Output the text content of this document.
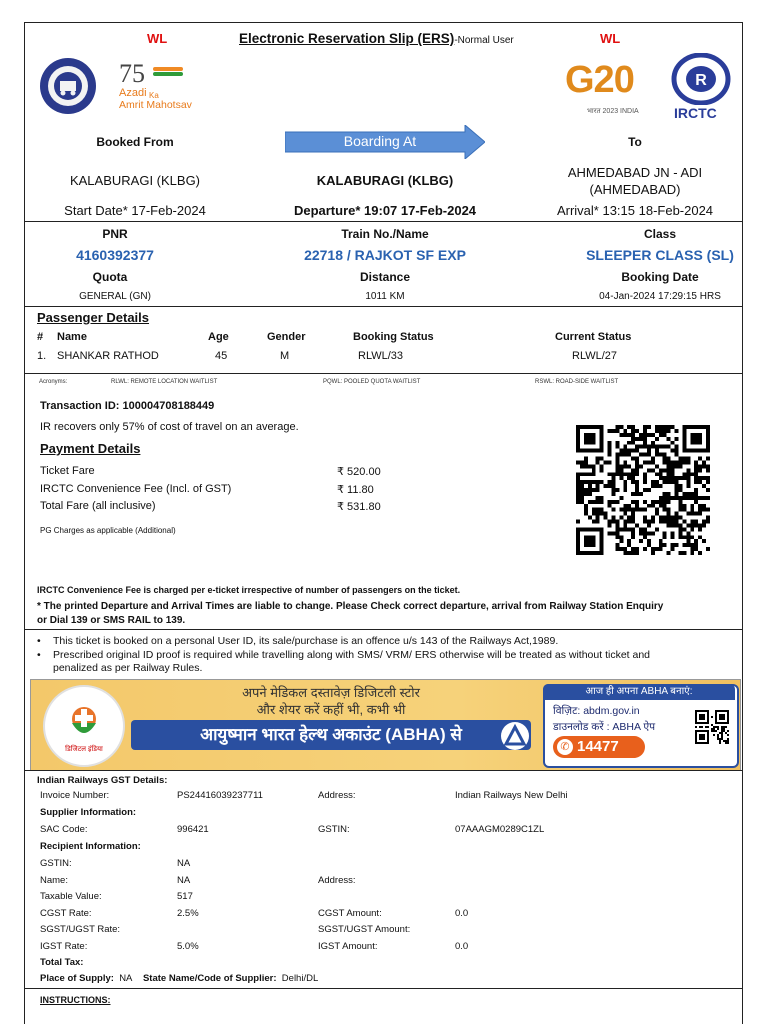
WL	Electronic Reservation Slip (ERS)-Normal User	WL
75
Azadi Ka
Amrit Mahotsav
G20
भारत 2023 INDIA
R
IRCTC
Booked From	Boarding At	To
KALABURAGI (KLBG)	KALABURAGI (KLBG)
AHMEDABAD JN - ADI
(AHMEDABAD)
Start Date* 17-Feb-2024	Departure* 19:07 17-Feb-2024	Arrival* 13:15 18-Feb-2024
PNR	Train No./Name	Class
4160392377	22718 / RAJKOT SF EXP	SLEEPER CLASS (SL)
Quota	Distance	Booking Date
GENERAL (GN)	1011 KM	04-Jan-2024 17:29:15 HRS
Passenger Details
# Name	Age	Gender	Booking Status	Current Status
1. SHANKAR RATHOD	45	M	RLWL/33	RLWL/27
Acronyms:	RLWL: REMOTE LOCATION WAITLIST	PQWL: POOLED QUOTA WAITLIST	RSWL: ROAD-SIDE WAITLIST
Transaction ID: 100004708188449
IR recovers only 57% of cost of travel on an average.
Payment Details
Ticket Fare	₹ 520.00
IRCTC Convenience Fee (Incl. of GST)	₹ 11.80
Total Fare (all inclusive)	₹ 531.80
PG Charges as applicable (Additional)
IRCTC Convenience Fee is charged per e-ticket irrespective of number of passengers on the ticket.
* The printed Departure and Arrival Times are liable to change. Please Check correct departure, arrival from Railway Station Enquiry
or Dial 139 or SMS RAIL to 139.
•	This ticket is booked on a personal User ID, its sale/purchase is an offence u/s 143 of the Railways Act,1989.
•	Prescribed original ID proof is required while travelling along with SMS/ VRM/ ERS otherwise will be treated as without ticket and
penalized as per Railway Rules.
डिजिटल इंडिया
अपने मेडिकल दस्तावेज़ डिजिटली स्टोर
और शेयर करें कहीं भी, कभी भी
आयुष्मान भारत हेल्थ अकाउंट (ABHA) से
आज ही अपना ABHA बनाएं:
विज़िट: abdm.gov.in
डाउनलोड करें : ABHA ऐप
✆ 14477
Indian Railways GST Details:
Invoice Number:	PS24416039237711	Address:	Indian Railways New Delhi
Supplier Information:
SAC Code:	996421	GSTIN:	07AAAGM0289C1ZL
Recipient Information:
GSTIN:	NA
Name:	NA	Address:
Taxable Value:	517
CGST Rate:	2.5%	CGST Amount:	0.0
SGST/UGST Rate:	SGST/UGST Amount:
IGST Rate:	5.0%	IGST Amount:	0.0
Total Tax:
Place of Supply: NA State Name/Code of Supplier: Delhi/DL
INSTRUCTIONS:
